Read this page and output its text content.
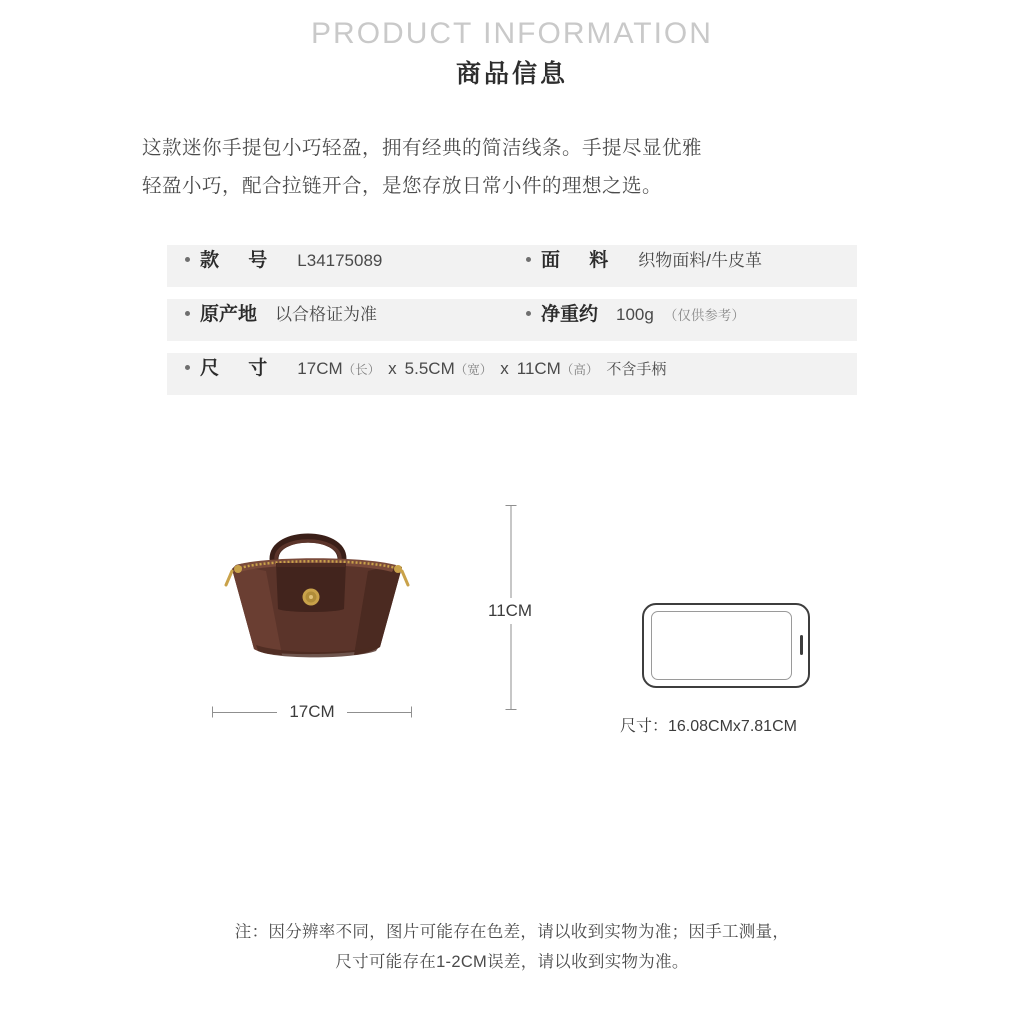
PRODUCT INFORMATION
商品信息

这款迷你手提包小巧轻盈，拥有经典的简洁线条。手提尽显优雅

轻盈小巧，配合拉链开合，是您存放日常小件的理想之选。

款 号 L34175089	面 料 织物面料/牛皮革
原产地 以合格证为准	净重约 100g （仅供参考）
尺 寸 17CM （长） x 5.5CM （宽） x 11CM （高） 不含手柄
17CM
11CM
尺寸：16.08CMx7.81CM
注：因分辨率不同，图片可能存在色差，请以收到实物为准；因手工测量，
尺寸可能存在1-2CM误差，请以收到实物为准。
